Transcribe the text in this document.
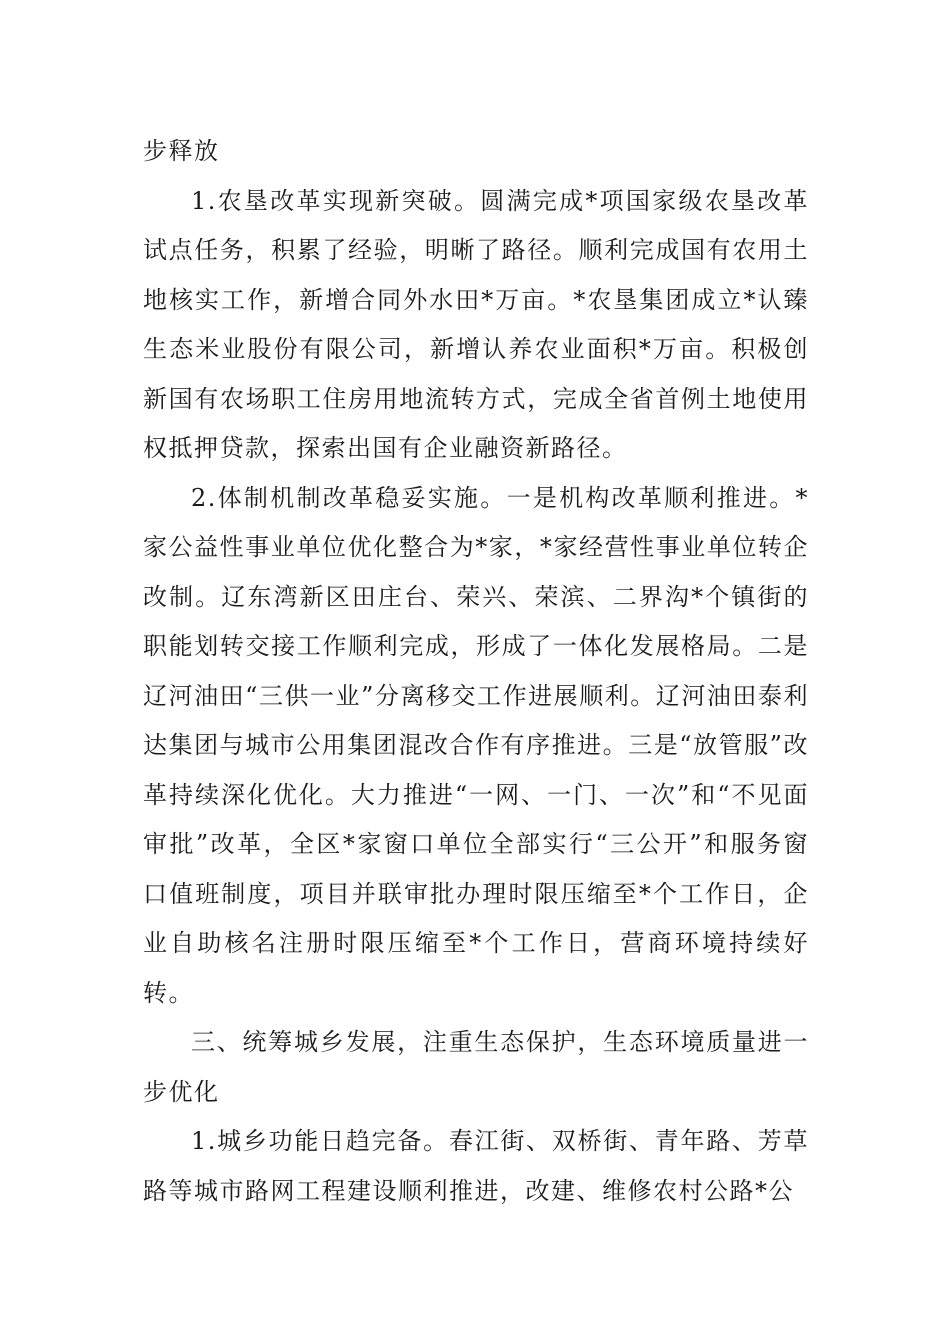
步释放

1.农垦改革实现新突破。圆满完成*项国家级农垦改革试点任务，积累了经验，明晰了路径。顺利完成国有农用土地核实工作，新增合同外水田*万亩。*农垦集团成立*认臻生态米业股份有限公司，新增认养农业面积*万亩。积极创新国有农场职工住房用地流转方式，完成全省首例土地使用权抵押贷款，探索出国有企业融资新路径。

2.体制机制改革稳妥实施。一是机构改革顺利推进。*家公益性事业单位优化整合为*家，*家经营性事业单位转企改制。辽东湾新区田庄台、荣兴、荣滨、二界沟*个镇街的职能划转交接工作顺利完成，形成了一体化发展格局。二是辽河油田“三供一业”分离移交工作进展顺利。辽河油田泰利达集团与城市公用集团混改合作有序推进。三是“放管服”改革持续深化优化。大力推进“一网、一门、一次”和“不见面审批”改革，全区*家窗口单位全部实行“三公开”和服务窗口值班制度，项目并联审批办理时限压缩至*个工作日，企业自助核名注册时限压缩至*个工作日，营商环境持续好转。

三、统筹城乡发展，注重生态保护，生态环境质量进一步优化

1.城乡功能日趋完备。春江街、双桥街、青年路、芳草路等城市路网工程建设顺利推进，改建、维修农村公路*公
